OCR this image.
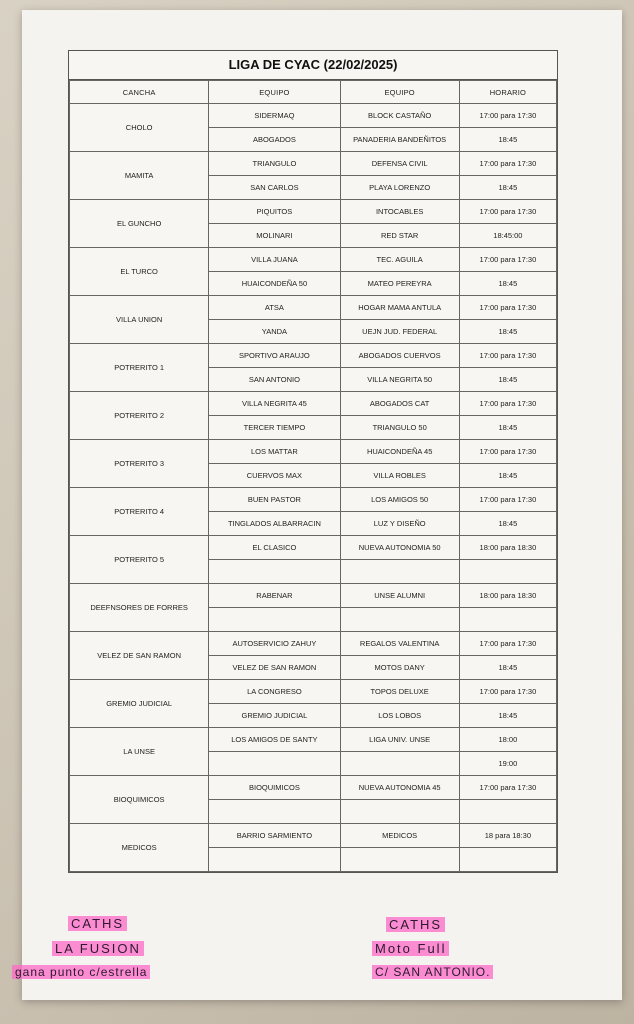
LIGA DE CYAC (22/02/2025)
CANCHA	EQUIPO	EQUIPO	HORARIO
CHOLO	SIDERMAQ	BLOCK CASTAÑO	17:00 para 17:30
	ABOGADOS	PANADERIA BANDEÑITOS	18:45
MAMITA	TRIANGULO	DEFENSA CIVIL	17:00 para 17:30
	SAN CARLOS	PLAYA LORENZO	18:45
EL GUNCHO	PIQUITOS	INTOCABLES	17:00 para 17:30
	MOLINARI	RED STAR	18:45:00
EL TURCO	VILLA JUANA	TEC. AGUILA	17:00 para 17:30
	HUAICONDEÑA 50	MATEO PEREYRA	18:45
VILLA UNION	ATSA	HOGAR MAMA ANTULA	17:00 para 17:30
	YANDA	UEJN JUD. FEDERAL	18:45
POTRERITO 1	SPORTIVO ARAUJO	ABOGADOS CUERVOS	17:00 para 17:30
	SAN ANTONIO	VILLA NEGRITA 50	18:45
POTRERITO 2	VILLA NEGRITA 45	ABOGADOS CAT	17:00 para 17:30
	TERCER TIEMPO	TRIANGULO 50	18:45
POTRERITO 3	LOS MATTAR	HUAICONDEÑA 45	17:00 para 17:30
	CUERVOS MAX	VILLA ROBLES	18:45
POTRERITO 4	BUEN PASTOR	LOS AMIGOS 50	17:00 para 17:30
	TINGLADOS ALBARRACIN	LUZ Y DISEÑO	18:45
POTRERITO 5	EL CLASICO	NUEVA AUTONOMIA 50	18:00 para 18:30

DEEFNSORES DE FORRES	RABENAR	UNSE ALUMNI	18:00 para 18:30

VELEZ DE SAN RAMON	AUTOSERVICIO ZAHUY	REGALOS VALENTINA	17:00 para 17:30
	VELEZ DE SAN RAMON	MOTOS DANY	18:45
GREMIO JUDICIAL	LA CONGRESO	TOPOS DELUXE	17:00 para 17:30
	GREMIO JUDICIAL	LOS LOBOS	18:45
LA UNSE	LOS AMIGOS DE SANTY	LIGA UNIV. UNSE	18:00
			19:00
BIOQUIMICOS	BIOQUIMICOS	NUEVA AUTONOMIA 45	17:00 para 17:30

MEDICOS	BARRIO SARMIENTO	MEDICOS	18 para 18:30

CATHS
LA FUSION
gana punto c/estrella
CATHS
Moto Full
C/ SAN ANTONIO.
